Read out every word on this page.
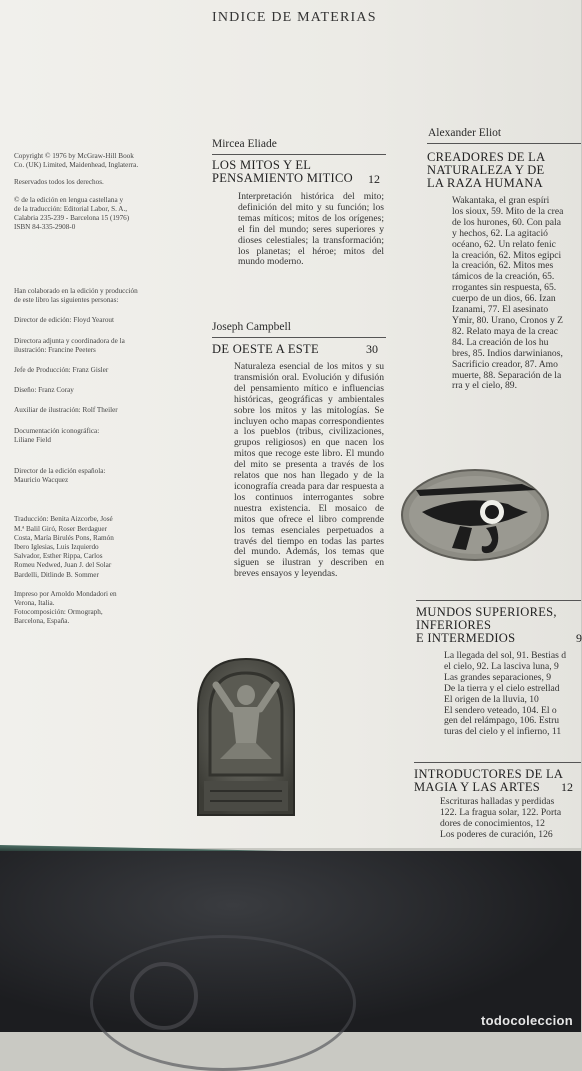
INDICE DE MATERIAS
Copyright © 1976 by McGraw-Hill Book
Co. (UK) Limited, Maidenhead, Inglaterra.
Reservados todos los derechos.
© de la edición en lengua castellana y
de la traducción: Editorial Labor, S. A.,
Calabria 235-239 - Barcelona 15 (1976)
ISBN 84-335-2908-0
Han colaborado en la edición y producción
de este libro las siguientes personas:
Director de edición: Floyd Yearout
Directora adjunta y coordinadora de la
ilustración: Francine Peeters
Jefe de Producción: Franz Gisler
Diseño: Franz Coray
Auxiliar de ilustración: Rolf Theiler
Documentación iconográfica:
Liliane Field
Director de la edición española:
Mauricio Wacquez
Traducción: Benita Aizcorbe, José
M.ª Balil Giró, Roser Berdaguer
Costa, María Birulés Pons, Ramón
Ibero Iglesias, Luis Izquierdo
Salvador, Esther Rippa, Carlos
Romeu Nedwed, Juan J. del Solar
Bardelli, Ditlinde B. Sommer
Impreso por Arnoldo Mondadori en
Verona, Italia.
Fotocomposición: Ormograph,
Barcelona, España.
Mircea Eliade
LOS MITOS Y EL
PENSAMIENTO MITICO 12
Interpretación histórica del mito; definición del mito y su función; los temas míticos; mitos de los orígenes; el fin del mundo; seres superiores y dioses celestiales; la transformación; los planetas; el héroe; mitos del mundo moderno.
Joseph Campbell
DE OESTE A ESTE	30
Naturaleza esencial de los mitos y su transmisión oral. Evolución y difusión del pensamiento mítico e influencias históricas, geográficas y ambientales sobre los mitos y las mitologías. Se incluyen ocho mapas correspondientes a los pueblos (tribus, civilizaciones, grupos religiosos) en que nacen los mitos que recoge este libro. El mundo del mito se presenta a través de los relatos que nos han llegado y de la iconografía creada para dar respuesta a los continuos interrogantes sobre nuestra existencia. El mosaico de mitos que ofrece el libro comprende los temas esenciales perpetuados a través del tiempo en todas las partes del mundo. Además, los temas que siguen se ilustran y describen en breves ensayos y leyendas.
Alexander Eliot
CREADORES DE LA
NATURALEZA Y DE
LA RAZA HUMANA
Wakantaka, el gran espíri
los sioux, 59. Mito de la crea
de los hurones, 60. Con pala
y hechos, 62. La agitació
océano, 62. Un relato fenic
la creación, 62. Mitos egipci
la creación, 62. Mitos mes
támicos de la creación, 65.
rrogantes sin respuesta, 65.
cuerpo de un dios, 66. Izan
Izanami, 77. El asesinato
Ymir, 80. Urano, Cronos y Z
82. Relato maya de la creac
84. La creación de los hu
bres, 85. Indios darwinianos,
Sacrificio creador, 87. Amo
muerte, 88. Separación de la
rra y el cielo, 89.
MUNDOS SUPERIORES,
INFERIORES
E INTERMEDIOS	9
La llegada del sol, 91. Bestias d
el cielo, 92. La lasciva luna, 9
Las grandes separaciones, 9
De la tierra y el cielo estrellad
El origen de la lluvia, 10
El sendero veteado, 104. El o
gen del relámpago, 106. Estru
turas del cielo y el infierno, 11
INTRODUCTORES DE LA
MAGIA Y LAS ARTES	12
Escrituras halladas y perdidas
122. La fragua solar, 122. Porta
dores de conocimientos, 12
Los poderes de curación, 126
todocoleccion
